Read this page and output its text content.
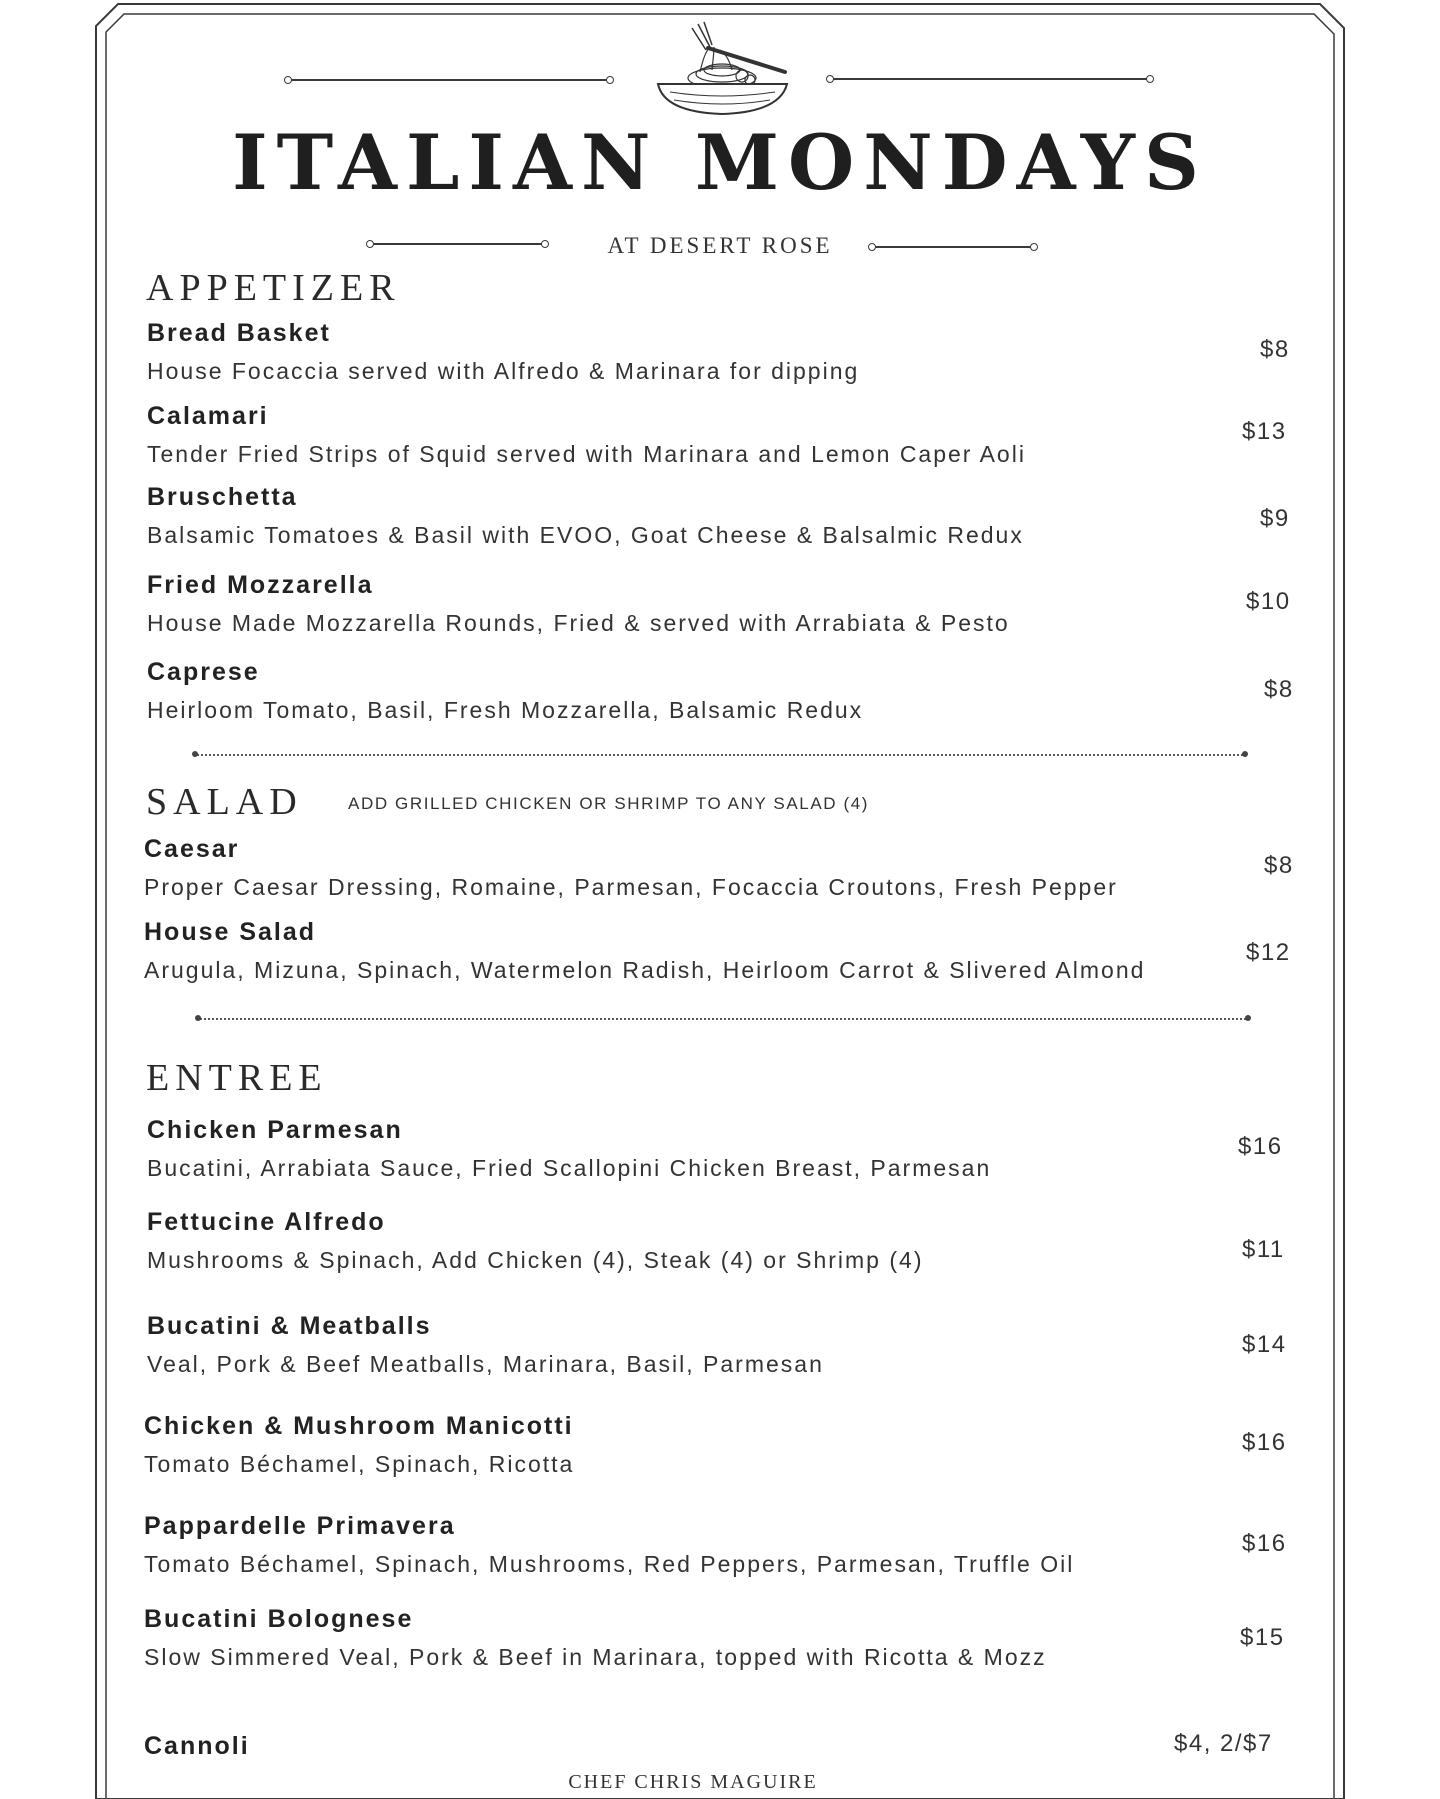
ITALIAN MONDAYS
AT DESERT ROSE
APPETIZER
Bread Basket
House Focaccia served with Alfredo & Marinara for dipping
$8
Calamari
Tender Fried Strips of Squid served with Marinara and Lemon Caper Aoli
$13
Bruschetta
Balsamic Tomatoes & Basil with EVOO, Goat Cheese & Balsalmic Redux
$9
Fried Mozzarella
House Made Mozzarella Rounds, Fried & served with Arrabiata & Pesto
$10
Caprese
Heirloom Tomato, Basil, Fresh Mozzarella, Balsamic Redux
$8
SALAD	ADD GRILLED CHICKEN OR SHRIMP TO ANY SALAD (4)
Caesar
Proper Caesar Dressing, Romaine, Parmesan, Focaccia Croutons, Fresh Pepper
$8
House Salad
Arugula, Mizuna, Spinach, Watermelon Radish, Heirloom Carrot & Slivered Almond
$12
ENTREE
Chicken Parmesan
Bucatini, Arrabiata Sauce, Fried Scallopini Chicken Breast, Parmesan
$16
Fettucine Alfredo
Mushrooms & Spinach, Add Chicken (4), Steak (4) or Shrimp (4)	$11
Bucatini & Meatballs
Veal, Pork & Beef Meatballs, Marinara, Basil, Parmesan
$14
Chicken & Mushroom Manicotti
Tomato Béchamel, Spinach, Ricotta
$16
Pappardelle Primavera
Tomato Béchamel, Spinach, Mushrooms, Red Peppers, Parmesan, Truffle Oil
$16
Bucatini Bolognese
Slow Simmered Veal, Pork & Beef in Marinara, topped with Ricotta & Mozz
$15
Cannoli	$4, 2/$7
CHEF CHRIS MAGUIRE
